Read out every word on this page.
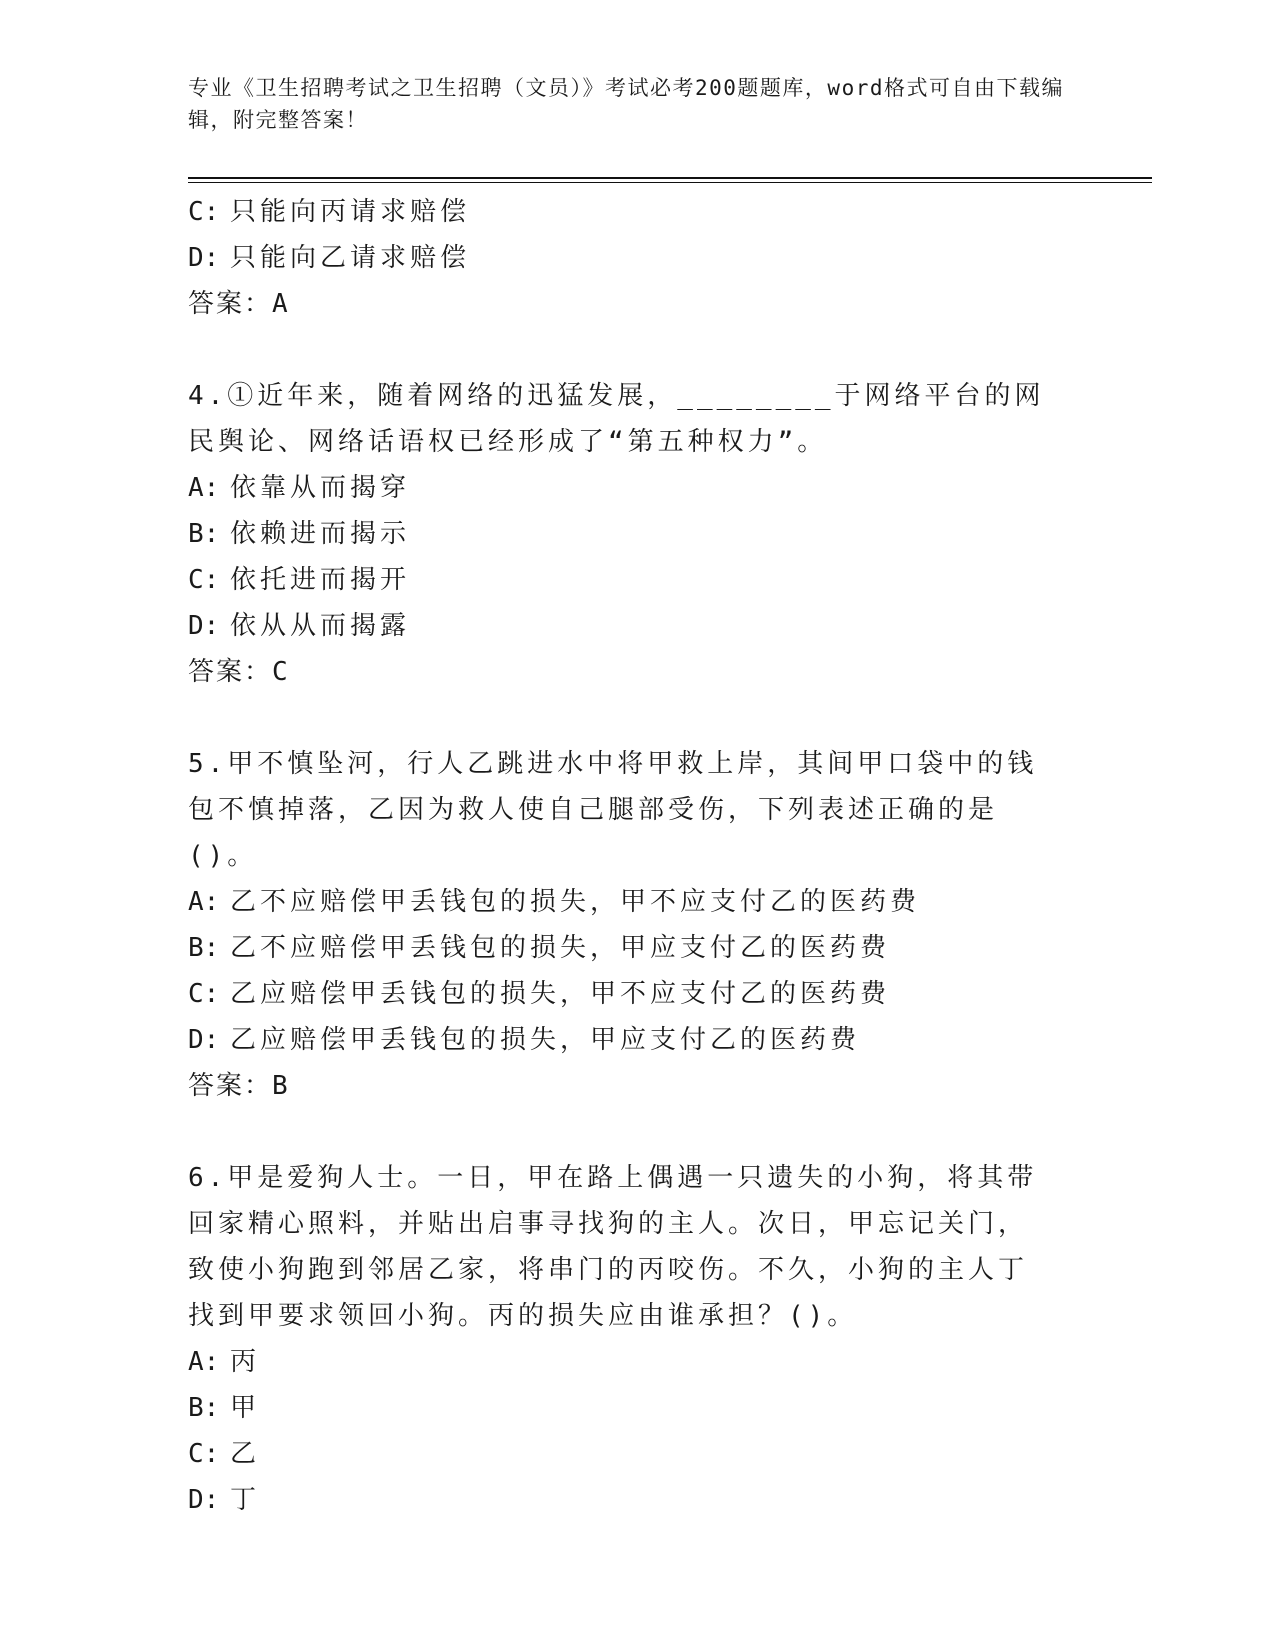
专业《卫生招聘考试之卫生招聘（文员）》考试必考200题题库，word格式可自由下载编辑，附完整答案！
C: 只能向丙请求赔偿
D: 只能向乙请求赔偿
答案：A
4.①近年来，随着网络的迅猛发展，________于网络平台的网民舆论、网络话语权已经形成了“第五种权力”。
A: 依靠从而揭穿
B: 依赖进而揭示
C: 依托进而揭开
D: 依从从而揭露
答案：C
5.甲不慎坠河，行人乙跳进水中将甲救上岸，其间甲口袋中的钱包不慎掉落，乙因为救人使自己腿部受伤，下列表述正确的是()。
A: 乙不应赔偿甲丢钱包的损失，甲不应支付乙的医药费
B: 乙不应赔偿甲丢钱包的损失，甲应支付乙的医药费
C: 乙应赔偿甲丢钱包的损失，甲不应支付乙的医药费
D: 乙应赔偿甲丢钱包的损失，甲应支付乙的医药费
答案：B
6.甲是爱狗人士。一日，甲在路上偶遇一只遗失的小狗，将其带回家精心照料，并贴出启事寻找狗的主人。次日，甲忘记关门，致使小狗跑到邻居乙家，将串门的丙咬伤。不久，小狗的主人丁找到甲要求领回小狗。丙的损失应由谁承担？()。
A: 丙
B: 甲
C: 乙
D: 丁
